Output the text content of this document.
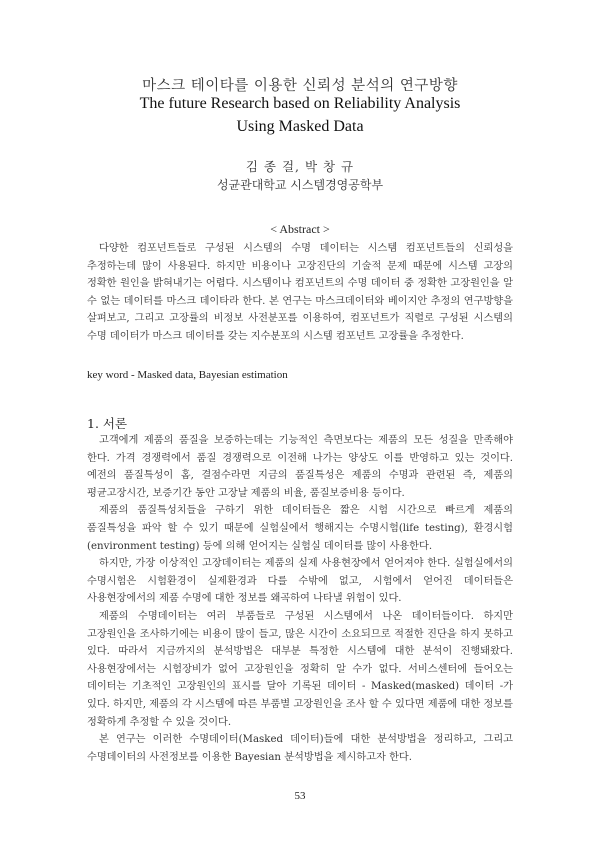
마스크 테이타를 이용한 신뢰성 분석의 연구방향
The future Research based on Reliability Analysis
Using Masked Data
김 종 걸, 박 창 규
성균관대학교 시스템경영공학부
< Abstract >

다양한 컴포넌트들로 구성된 시스템의 수명 데이터는 시스템 컴포넌트들의 신뢰성을 추정하는데 많이 사용된다. 하지만 비용이나 고장진단의 기술적 문제 때문에 시스템 고장의 정확한 원인을 밝혀내기는 어렵다. 시스템이나 컴포넌트의 수명 데이터 중 정확한 고장원인을 알 수 없는 데이터를 마스크 데이타라 한다. 본 연구는 마스크데이터와 베이지안 추정의 연구방향을 살펴보고, 그리고 고장률의 비정보 사전분포를 이용하여, 컴포넌트가 직렬로 구성된 시스템의 수명 데이터가 마스크 데이터를 갖는 지수분포의 시스템 컴포넌트 고장률을 추정한다.

key word - Masked data, Bayesian estimation
1. 서론

고객에게 제품의 품질을 보증하는데는 기능적인 측면보다는 제품의 모든 성질을 만족해야 한다. 가격 경쟁력에서 품질 경쟁력으로 이전해 나가는 양상도 이를 반영하고 있는 것이다. 예전의 품질특성이 홈, 결점수라면 지금의 품질특성은 제품의 수명과 관련된 즉, 제품의 평균고장시간, 보증기간 동안 고장날 제품의 비율, 품질보증비용 등이다.

제품의 품질특성치들을 구하기 위한 데이터들은 짧은 시험 시간으로 빠르게 제품의 품질특성을 파악 할 수 있기 때문에 실험실에서 행해지는 수명시험(life testing), 환경시험(environment testing) 등에 의해 얻어지는 실험실 데이터를 많이 사용한다.

하지만, 가장 이상적인 고장데이터는 제품의 실제 사용현장에서 얻어져야 한다. 실험실에서의 수명시험은 시험환경이 실제환경과 다를 수밖에 없고, 시험에서 얻어진 데이터들은 사용현장에서의 제품 수명에 대한 정보를 왜곡하여 나타낼 위험이 있다.

제품의 수명데이터는 여러 부품들로 구성된 시스템에서 나온 데이터들이다. 하지만 고장원인을 조사하기에는 비용이 많이 들고, 많은 시간이 소요되므로 적절한 진단을 하지 못하고 있다. 따라서 지금까지의 분석방법은 대부분 특정한 시스템에 대한 분석이 진행돼왔다. 사용현장에서는 시험장비가 없어 고장원인을 정확히 알 수가 없다. 서비스센터에 들어오는 데이터는 기초적인 고장원인의 표시를 달아 기록된 데이터 - Masked(masked) 데이터 -가 있다. 하지만, 제품의 각 시스템에 따른 부품별 고장원인을 조사 할 수 있다면 제품에 대한 정보를 정확하게 추정할 수 있을 것이다.

본 연구는 이러한 수명데이터(Masked 데이터)들에 대한 분석방법을 정리하고, 그리고 수명데이터의 사전정보를 이용한 Bayesian 분석방법을 제시하고자 한다.

53
